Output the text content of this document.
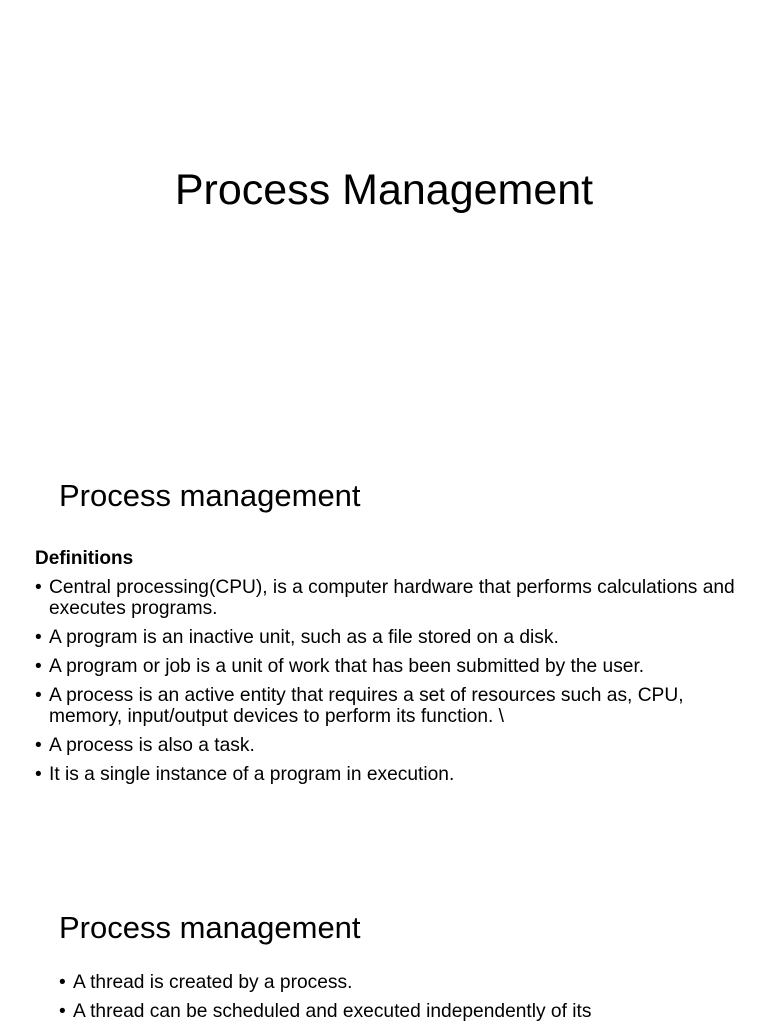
Process Management
Process management
Definitions
• Central processing(CPU), is a computer hardware that performs calculations and executes programs.
• A program is an inactive unit, such as a file stored on a disk.
• A program or job is a unit of work that has been submitted by the user.
• A process is an active entity that requires a set of resources such as, CPU, memory, input/output devices to perform its function. \
• A process is also a task.
• It is a single instance of a program in execution.
Process management
• A thread is created by a process.
• A thread can be scheduled and executed independently of its
